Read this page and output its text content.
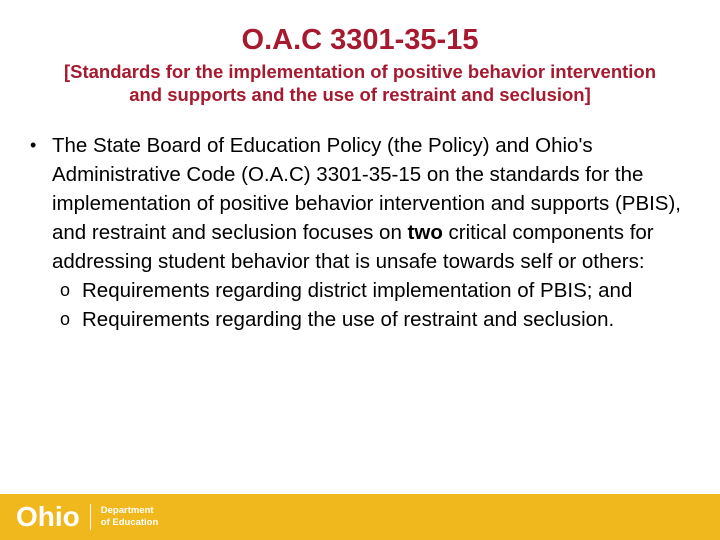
O.A.C 3301-35-15
[Standards for the implementation of positive behavior intervention
and supports and the use of restraint and seclusion]
• The State Board of Education Policy (the Policy) and Ohio's Administrative Code (O.A.C) 3301-35-15 on the standards for the implementation of positive behavior intervention and supports (PBIS), and restraint and seclusion focuses on two critical components for addressing student behavior that is unsafe towards self or others:
o Requirements regarding district implementation of PBIS; and
o Requirements regarding the use of restraint and seclusion.
Ohio Department
of Education
